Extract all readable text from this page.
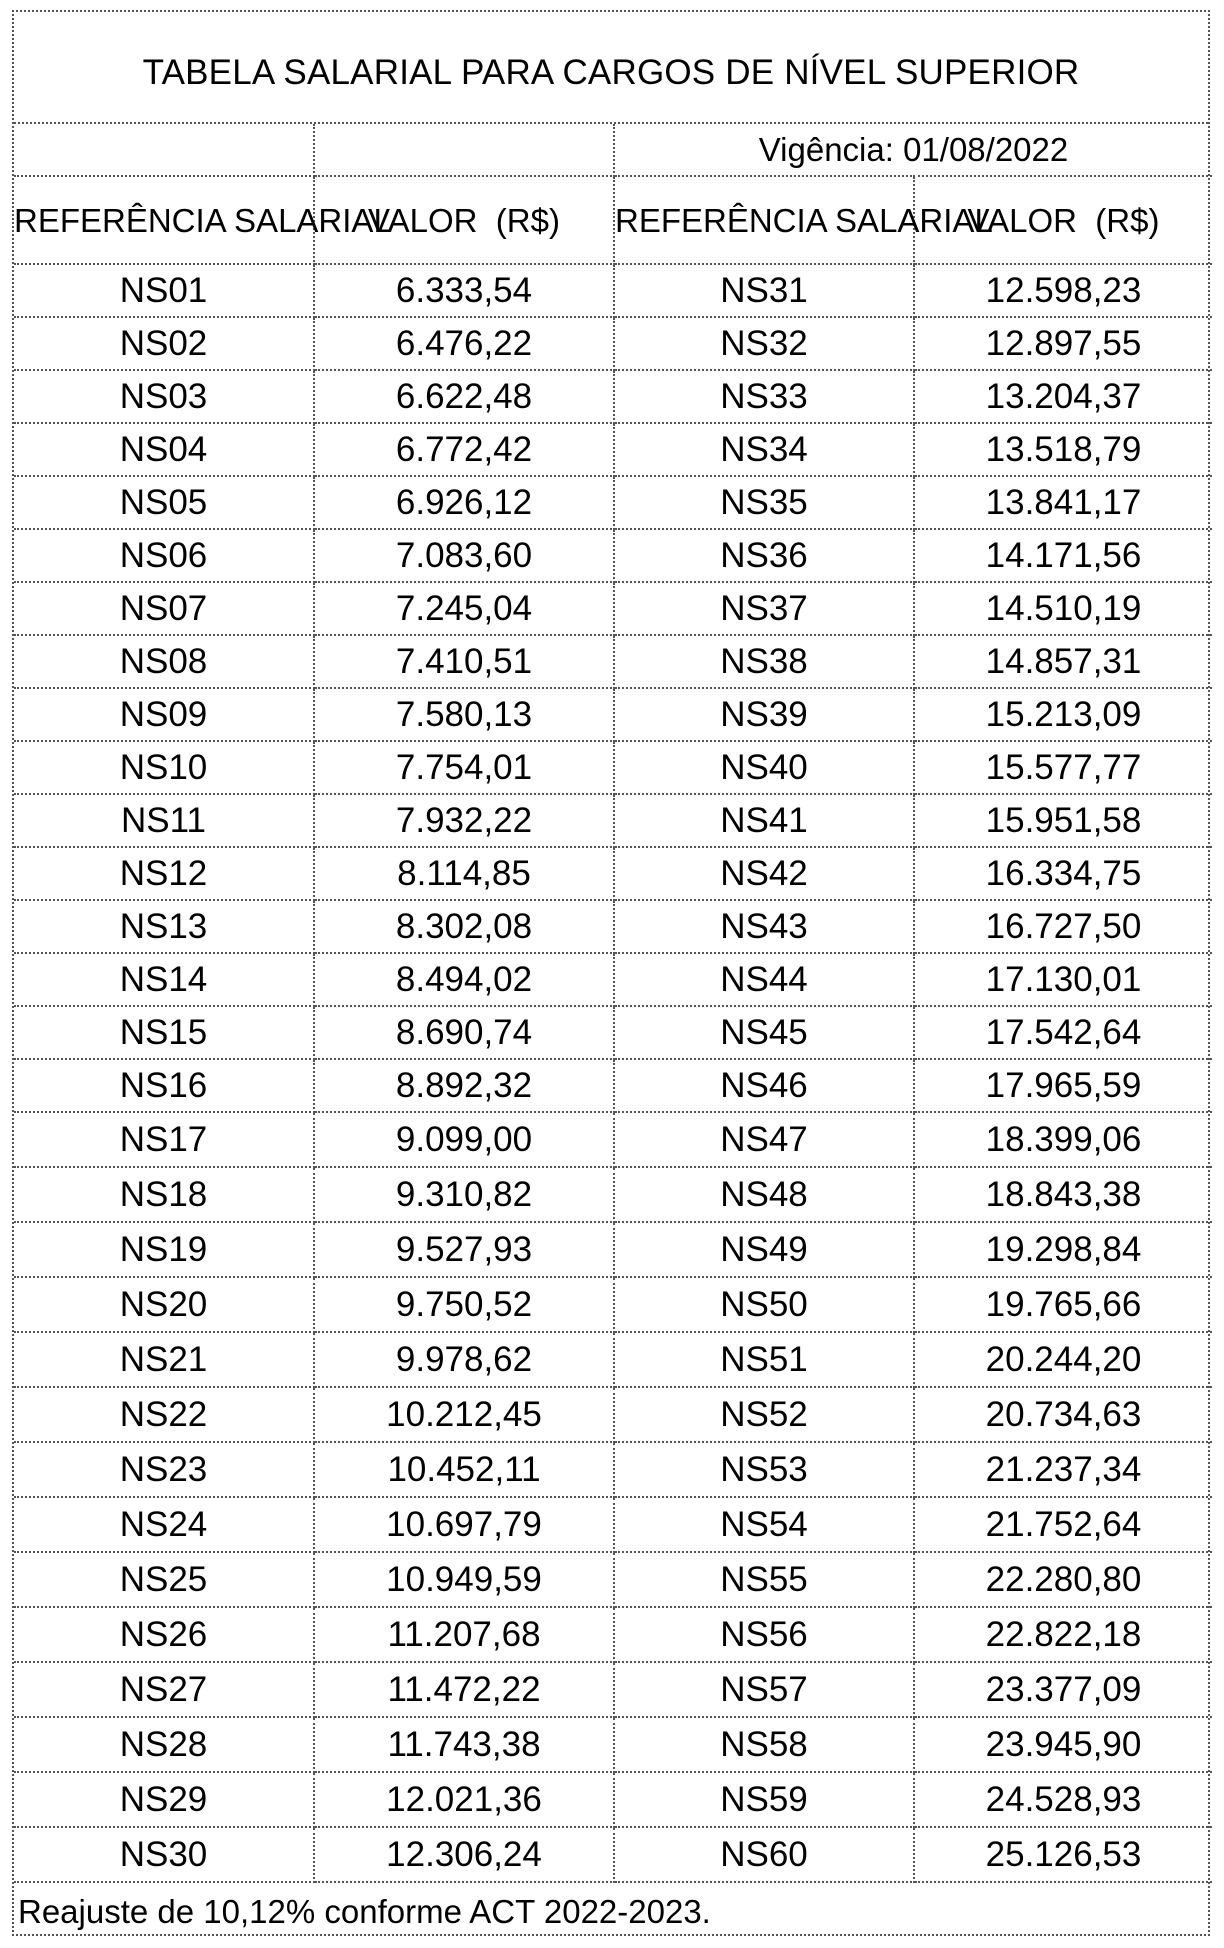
TABELA SALARIAL PARA CARGOS DE NÍVEL SUPERIOR
		Vigência: 01/08/2022	
REFERÊNCIA SALARIAL	VALOR  (R$)	REFERÊNCIA SALARIAL	VALOR  (R$)
NS01	6.333,54	NS31	12.598,23
NS02	6.476,22	NS32	12.897,55
NS03	6.622,48	NS33	13.204,37
NS04	6.772,42	NS34	13.518,79
NS05	6.926,12	NS35	13.841,17
NS06	7.083,60	NS36	14.171,56
NS07	7.245,04	NS37	14.510,19
NS08	7.410,51	NS38	14.857,31
NS09	7.580,13	NS39	15.213,09
NS10	7.754,01	NS40	15.577,77
NS11	7.932,22	NS41	15.951,58
NS12	8.114,85	NS42	16.334,75
NS13	8.302,08	NS43	16.727,50
NS14	8.494,02	NS44	17.130,01
NS15	8.690,74	NS45	17.542,64
NS16	8.892,32	NS46	17.965,59
NS17	9.099,00	NS47	18.399,06
NS18	9.310,82	NS48	18.843,38
NS19	9.527,93	NS49	19.298,84
NS20	9.750,52	NS50	19.765,66
NS21	9.978,62	NS51	20.244,20
NS22	10.212,45	NS52	20.734,63
NS23	10.452,11	NS53	21.237,34
NS24	10.697,79	NS54	21.752,64
NS25	10.949,59	NS55	22.280,80
NS26	11.207,68	NS56	22.822,18
NS27	11.472,22	NS57	23.377,09
NS28	11.743,38	NS58	23.945,90
NS29	12.021,36	NS59	24.528,93
NS30	12.306,24	NS60	25.126,53
Reajuste de 10,12% conforme ACT 2022-2023.
